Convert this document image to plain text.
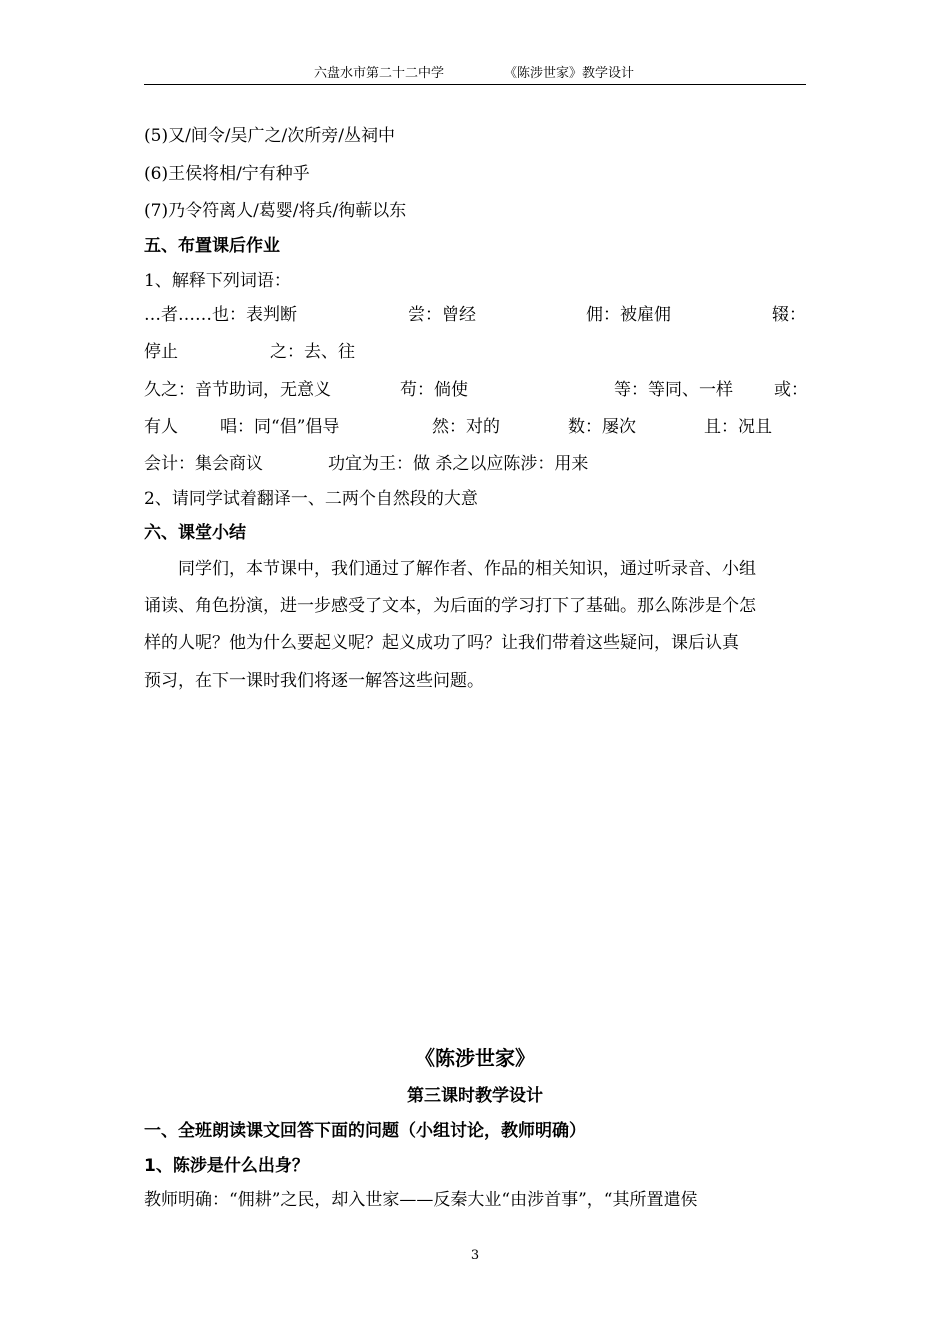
六盘水市第二十二中学	《陈涉世家》教学设计
(5)又/间令/吴广之/次所旁/丛祠中
(6)王侯将相/宁有种乎
(7)乃令符离人/葛婴/将兵/徇蕲以东
五、布置课后作业
1、解释下列词语：
…者……也：表判断	尝：曾经	佣：被雇佣	辍：
停止	之：去、往
久之：音节助词，无意义	苟：倘使	等：等同、一样 或：
有人 唱：同“倡”倡导	然：对的	数：屡次	且：况且
会计：集会商议	功宜为王：做 杀之以应陈涉：用来
2、请同学试着翻译一、二两个自然段的大意
六、课堂小结
同学们，本节课中，我们通过了解作者、作品的相关知识，通过听录音、小组
诵读、角色扮演，进一步感受了文本，为后面的学习打下了基础。那么陈涉是个怎
样的人呢？他为什么要起义呢？起义成功了吗？让我们带着这些疑问，课后认真
预习，在下一课时我们将逐一解答这些问题。
《陈涉世家》
第三课时教学设计
一、全班朗读课文回答下面的问题（小组讨论，教师明确）
1、陈涉是什么出身？
教师明确：“佣耕”之民，却入世家——反秦大业“由涉首事”，“其所置遣侯
3
